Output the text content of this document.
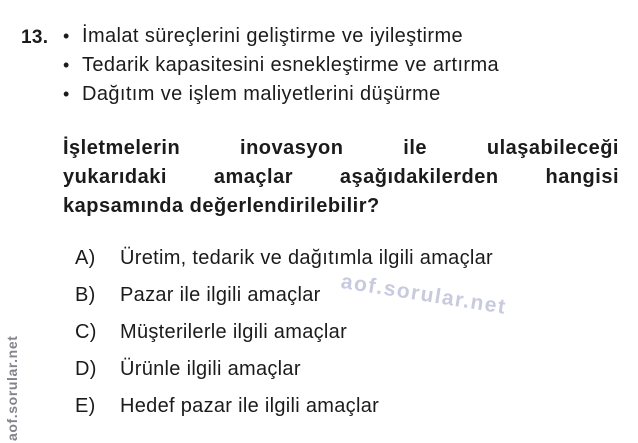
13. • İmalat süreçlerini geliştirme ve iyileştirme
• Tedarik kapasitesini esnekleştirme ve artırma
• Dağıtım ve işlem maliyetlerini düşürme
İşletmelerin inovasyon ile ulaşabileceği
yukarıdaki amaçlar aşağıdakilerden hangisi
kapsamında değerlendirilebilir?
A)	Üretim, tedarik ve dağıtımla ilgili amaçlar
B)	Pazar ile ilgili amaçlar
C)	Müşterilerle ilgili amaçlar
D)	Ürünle ilgili amaçlar
E)	Hedef pazar ile ilgili amaçlar
aof.sorular.net
aof.sorular.net
